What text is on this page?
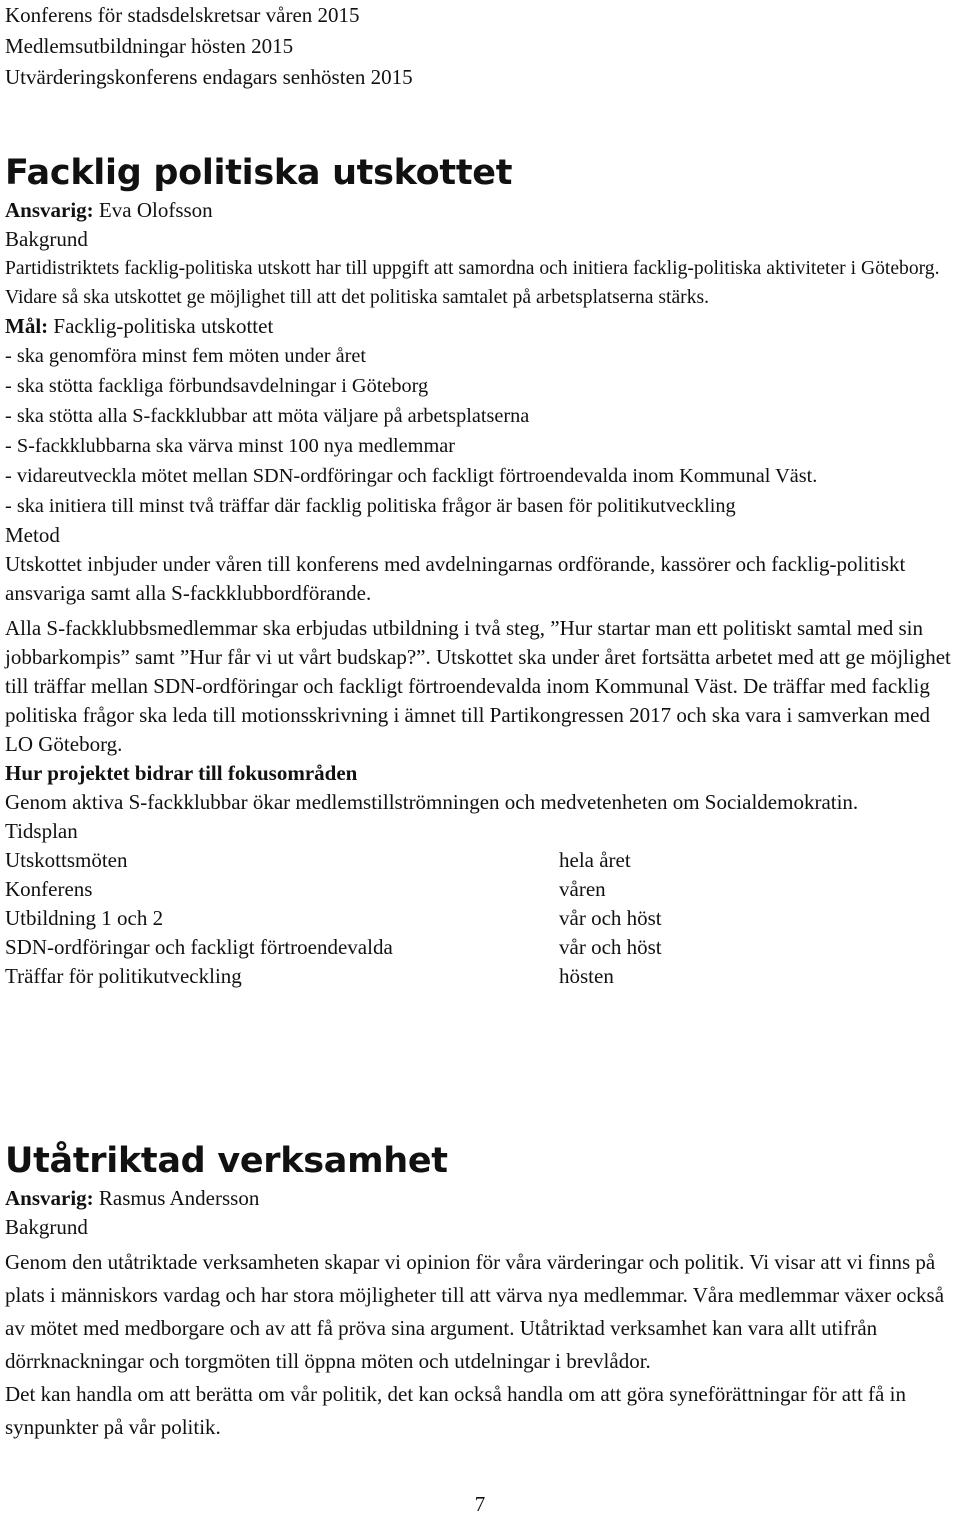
Konferens för stadsdelskretsar våren 2015
Medlemsutbildningar hösten 2015
Utvärderingskonferens endagars senhösten 2015
Facklig politiska utskottet
Ansvarig: Eva Olofsson
Bakgrund

Partidistriktets facklig-politiska utskott har till uppgift att samordna och initiera facklig-politiska aktiviteter i Göteborg. Vidare så ska utskottet ge möjlighet till att det politiska samtalet på arbetsplatserna stärks.

Mål: Facklig-politiska utskottet

- ska genomföra minst fem möten under året

- ska stötta fackliga förbundsavdelningar i Göteborg

- ska stötta alla S-fackklubbar att möta väljare på arbetsplatserna

- S-fackklubbarna ska värva minst 100 nya medlemmar

- vidareutveckla mötet mellan SDN-ordföringar och fackligt förtroendevalda inom Kommunal Väst.

- ska initiera till minst två träffar där facklig politiska frågor är basen för politikutveckling

Metod

Utskottet inbjuder under våren till konferens med avdelningarnas ordförande, kassörer och facklig-politiskt ansvariga samt alla S-fackklubbordförande.

Alla S-fackklubbsmedlemmar ska erbjudas utbildning i två steg, ”Hur startar man ett politiskt samtal med sin jobbarkompis” samt ”Hur får vi ut vårt budskap?”. Utskottet ska under året fortsätta arbetet med att ge möjlighet till träffar mellan SDN-ordföringar och fackligt förtroendevalda inom Kommunal Väst. De träffar med facklig politiska frågor ska leda till motionsskrivning i ämnet till Partikongressen 2017 och ska vara i samverkan med LO Göteborg.

Hur projektet bidrar till fokusområden

Genom aktiva S-fackklubbar ökar medlemstillströmningen och medvetenheten om Socialdemokratin.

Tidsplan
Utskottsmöten	hela året
Konferens	våren
Utbildning 1 och 2	vår och höst
SDN-ordföringar och fackligt förtroendevalda	vår och höst
Träffar för politikutveckling	hösten
Utåtriktad verksamhet
Ansvarig: Rasmus Andersson
Bakgrund

Genom den utåtriktade verksamheten skapar vi opinion för våra värderingar och politik. Vi visar att vi finns på plats i människors vardag och har stora möjligheter till att värva nya medlemmar. Våra medlemmar växer också av mötet med medborgare och av att få pröva sina argument. Utåtriktad verksamhet kan vara allt utifrån dörrknackningar och torgmöten till öppna möten och utdelningar i brevlådor.

Det kan handla om att berätta om vår politik, det kan också handla om att göra syneförättningar för att få in synpunkter på vår politik.

7
